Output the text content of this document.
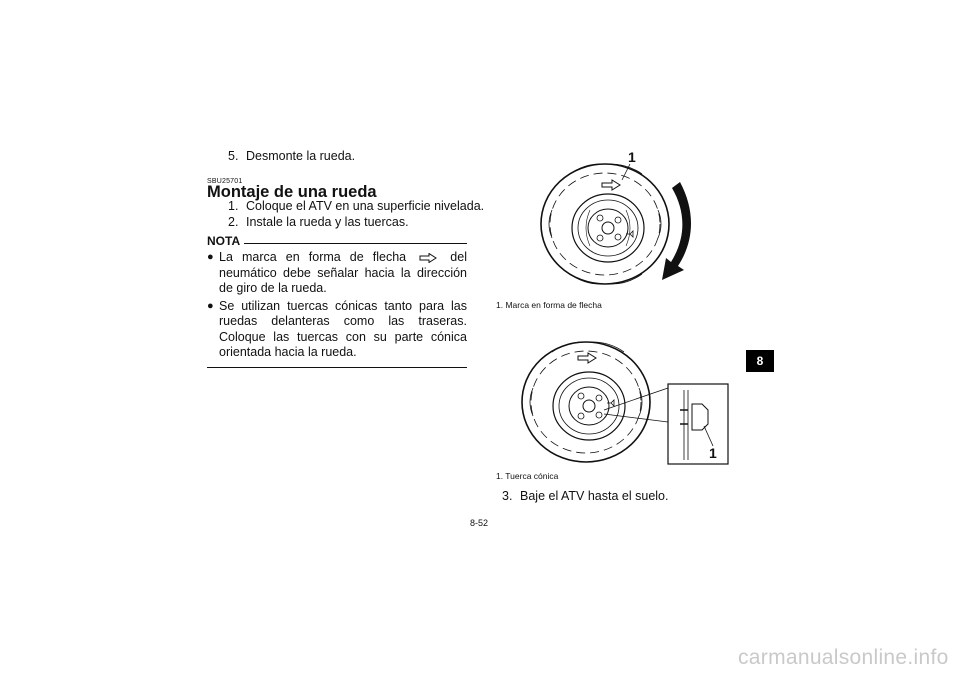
5. Desmonte la rueda.
SBU25701
Montaje de una rueda
1. Coloque el ATV en una superficie nivelada.
2. Instale la rueda y las tuercas.
NOTA
● La marca en forma de flecha	del neumático debe señalar hacia la dirección de giro de la rueda.
● Se utilizan tuercas cónicas tanto para las ruedas delanteras como las traseras. Coloque las tuercas con su parte cónica orientada hacia la rueda.
1
1. Marca en forma de flecha
1
1. Tuerca cónica
3. Baje el ATV hasta el suelo.
8
8-52
carmanualsonline.info
